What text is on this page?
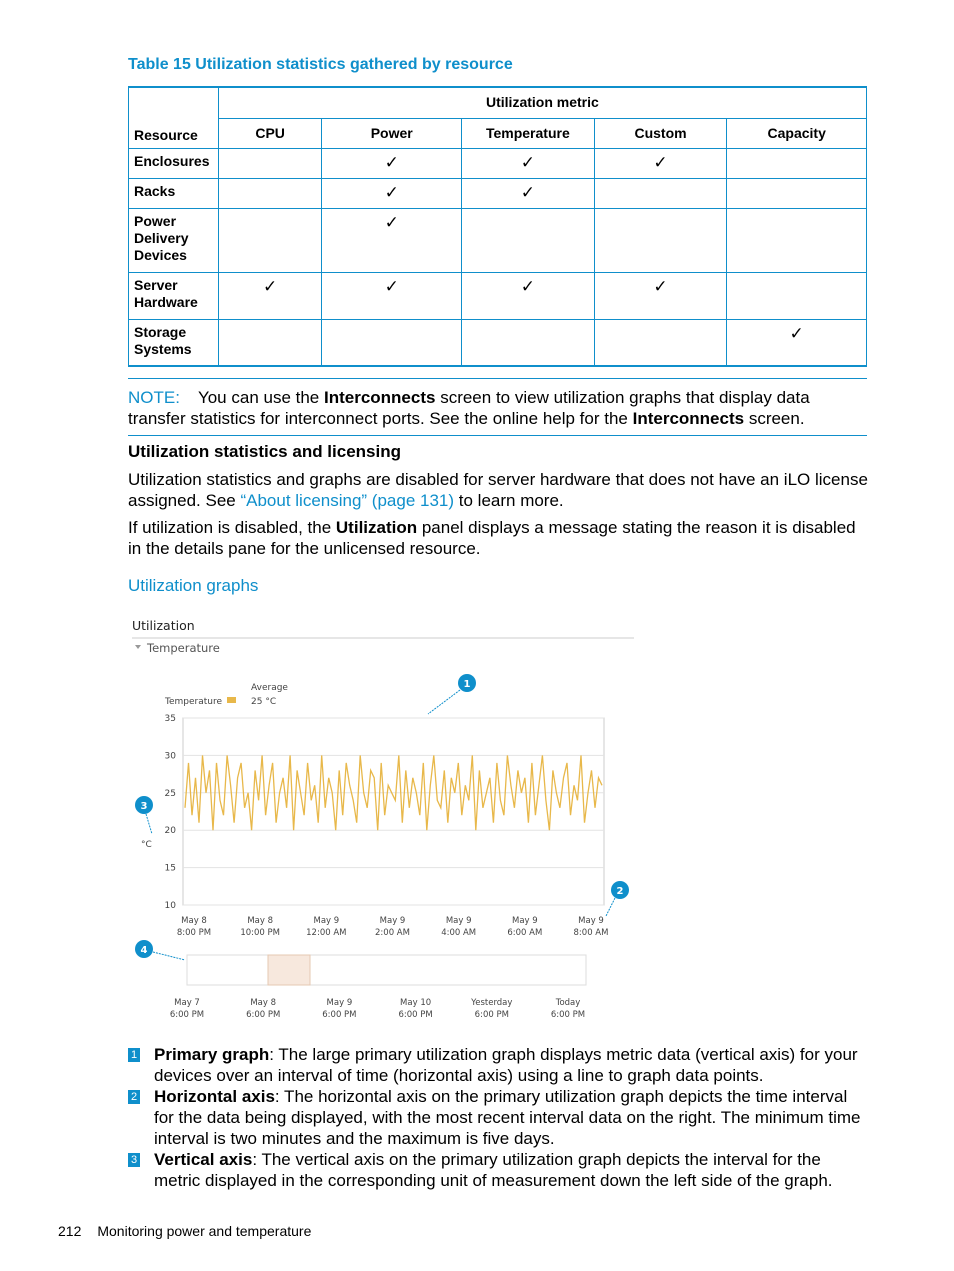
Table 15 Utilization statistics gathered by resource
Resource	Utilization metric				
	CPU	Power	Temperature	Custom	Capacity
Enclosures		✓	✓	✓	
Racks		✓	✓		
Power Delivery Devices		✓			
Server Hardware	✓	✓	✓	✓	
Storage Systems					✓
NOTE: You can use the Interconnects screen to view utilization graphs that display data transfer statistics for interconnect ports. See the online help for the Interconnects screen.
Utilization statistics and licensing
Utilization statistics and graphs are disabled for server hardware that does not have an iLO license assigned. See “About licensing” (page 131) to learn more.
If utilization is disabled, the Utilization panel displays a message stating the reason it is disabled in the details pane for the unlicensed resource.
Utilization graphs
Utilization
Temperature
Average
Temperature	25 °C
35
30
25
20
15
10
May 8
8:00 PM
May 8
10:00 PM
May 9
12:00 AM
May 9
2:00 AM
May 9
4:00 AM
May 9
6:00 AM
May 9
8:00 AM
°C
May 7
6:00 PM
May 8
6:00 PM
May 9
6:00 PM
May 10
6:00 PM
Yesterday
6:00 PM
Today
6:00 PM
1
2
3
4
1 Primary graph: The large primary utilization graph displays metric data (vertical axis) for your devices over an interval of time (horizontal axis) using a line to graph data points.
2 Horizontal axis: The horizontal axis on the primary utilization graph depicts the time interval for the data being displayed, with the most recent interval data on the right. The minimum time interval is two minutes and the maximum is five days.
3 Vertical axis: The vertical axis on the primary utilization graph depicts the interval for the metric displayed in the corresponding unit of measurement down the left side of the graph.
212 Monitoring power and temperature
